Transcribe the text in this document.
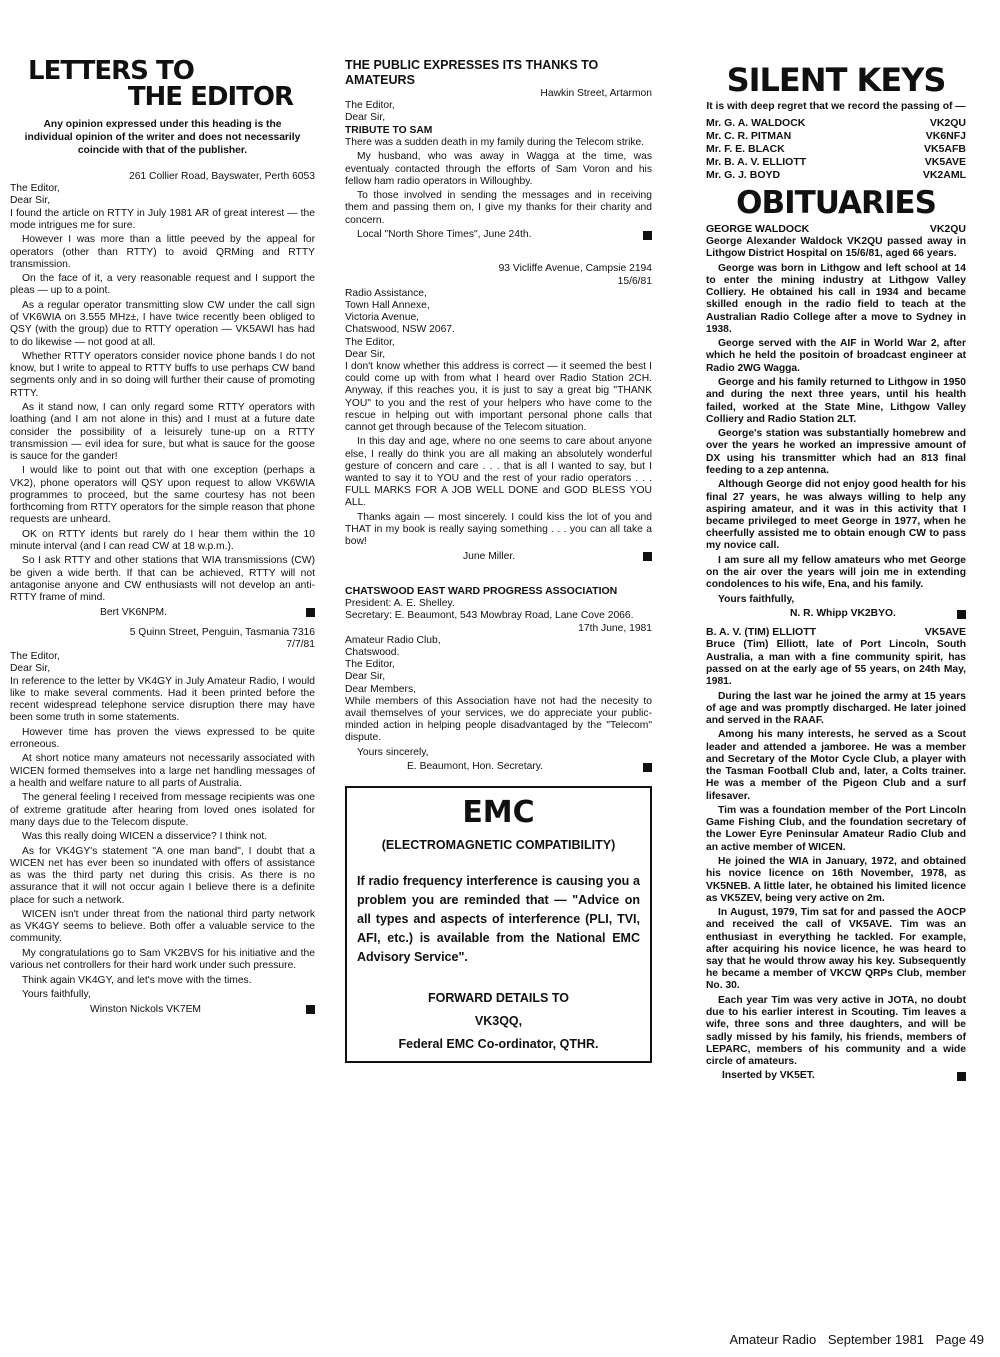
LETTERS TO
THE EDITOR

Any opinion expressed under this heading is the individual opinion of the writer and does not necessarily coincide with that of the publisher.

261 Collier Road, Bayswater, Perth 6053

The Editor,

Dear Sir,

I found the article on RTTY in July 1981 AR of great interest — the mode intrigues me for sure.

However I was more than a little peeved by the appeal for operators (other than RTTY) to avoid QRMing and RTTY transmission.

On the face of it, a very reasonable request and I support the pleas — up to a point.

As a regular operator transmitting slow CW under the call sign of VK6WIA on 3.555 MHz±, I have twice recently been obliged to QSY (with the group) due to RTTY operation — VK5AWI has had to do likewise — not good at all.

Whether RTTY operators consider novice phone bands I do not know, but I write to appeal to RTTY buffs to use perhaps CW band segments only and in so doing will further their cause of promoting RTTY.

As it stand now, I can only regard some RTTY operators with loathing (and I am not alone in this) and I must at a future date consider the possibility of a leisurely tune-up on a RTTY transmission — evil idea for sure, but what is sauce for the goose is sauce for the gander!

I would like to point out that with one exception (perhaps a VK2), phone operators will QSY upon request to allow VK6WIA programmes to proceed, but the same courtesy has not been forthcoming from RTTY operators for the simple reason that phone requests are unheard.

OK on RTTY idents but rarely do I hear them within the 10 minute interval (and I can read CW at 18 w.p.m.).

So I ask RTTY and other stations that WIA transmissions (CW) be given a wide berth. If that can be achieved, RTTY will not antagonise anyone and CW enthusiasts will not develop an anti-RTTY frame of mind.

Bert VK6NPM.

5 Quinn Street, Penguin, Tasmania 7316

7/7/81

The Editor,

Dear Sir,

In reference to the letter by VK4GY in July Amateur Radio, I would like to make several comments. Had it been printed before the recent widespread telephone service disruption there may have been some truth in some statements.

However time has proven the views expressed to be quite erroneous.

At short notice many amateurs not necessarily associated with WICEN formed themselves into a large net handling messages of a health and welfare nature to all parts of Australia.

The general feeling I received from message recipients was one of extreme gratitude after hearing from loved ones isolated for many days due to the Telecom dispute.

Was this really doing WICEN a disservice? I think not.

As for VK4GY's statement "A one man band", I doubt that a WICEN net has ever been so inundated with offers of assistance as was the third party net during this crisis. As there is no assurance that it will not occur again I believe there is a definite place for such a network.

WICEN isn't under threat from the national third party network as VK4GY seems to believe. Both offer a valuable service to the community.

My congratulations go to Sam VK2BVS for his initiative and the various net controllers for their hard work under such pressure.

Think again VK4GY, and let's move with the times.

Yours faithfully,

Winston Nickols VK7EM
THE PUBLIC EXPRESSES ITS THANKS TO AMATEURS

Hawkin Street, Artarmon

The Editor,

Dear Sir,

TRIBUTE TO SAM

There was a sudden death in my family during the Telecom strike.

My husband, who was away in Wagga at the time, was eventualy contacted through the efforts of Sam Voron and his fellow ham radio operators in Willoughby.

To those involved in sending the messages and in receiving them and passing them on, I give my thanks for their charity and concern.

Local "North Shore Times", June 24th.

93 Vicliffe Avenue, Campsie 2194

15/6/81

Radio Assistance,

Town Hall Annexe,

Victoria Avenue,

Chatswood, NSW 2067.

The Editor,

Dear Sir,

I don't know whether this address is correct — it seemed the best I could come up with from what I heard over Radio Station 2CH. Anyway, if this reaches you, it is just to say a great big "THANK YOU" to you and the rest of your helpers who have come to the rescue in helping out with important personal phone calls that cannot get through because of the Telecom situation.

In this day and age, where no one seems to care about anyone else, I really do think you are all making an absolutely wonderful gesture of concern and care . . . that is all I wanted to say, but I wanted to say it to YOU and the rest of your radio operators . . . FULL MARKS FOR A JOB WELL DONE and GOD BLESS YOU ALL.

Thanks again — most sincerely. I could kiss the lot of you and THAT in my book is really saying something . . . you can all take a bow!

June Miller.
CHATSWOOD EAST WARD PROGRESS ASSOCIATION

President: A. E. Shelley.

Secretary: E. Beaumont, 543 Mowbray Road, Lane Cove 2066.

17th June, 1981

Amateur Radio Club,

Chatswood.

The Editor,

Dear Sir,

Dear Members,

While members of this Association have not had the necesity to avail themselves of your services, we do appreciate your public-minded action in helping people disadvantaged by the "Telecom" dispute.

Yours sincerely,

E. Beaumont, Hon. Secretary.
EMC
(ELECTROMAGNETIC COMPATIBILITY)
If radio frequency interference is causing you a problem you are reminded that — "Advice on all types and aspects of interference (PLI, TVI, AFI, etc.) is available from the National EMC Advisory Service".
FORWARD DETAILS TO
VK3QQ,
Federal EMC Co-ordinator, QTHR.
SILENT KEYS
It is with deep regret that we record the passing of —
Mr. G. A. WALDOCK	VK2QU
Mr. C. R. PITMAN	VK6NFJ
Mr. F. E. BLACK	VK5AFB
Mr. B. A. V. ELLIOTT	VK5AVE
Mr. G. J. BOYD	VK2AML
OBITUARIES
GEORGE WALDOCK	VK2QU

George Alexander Waldock VK2QU passed away in Lithgow District Hospital on 15/6/81, aged 66 years.

George was born in Lithgow and left school at 14 to enter the mining industry at Lithgow Valley Colliery. He obtained his call in 1934 and became skilled enough in the radio field to teach at the Australian Radio College after a move to Sydney in 1938.

George served with the AIF in World War 2, after which he held the positoin of broadcast engineer at Radio 2WG Wagga.

George and his family returned to Lithgow in 1950 and during the next three years, until his health failed, worked at the State Mine, Lithgow Valley Colliery and Radio Station 2LT.

George's station was substantially homebrew and over the years he worked an impressive amount of DX using his transmitter which had an 813 final feeding to a zep antenna.

Although George did not enjoy good health for his final 27 years, he was always willing to help any aspiring amateur, and it was in this activity that I became privileged to meet George in 1977, when he cheerfully assisted me to obtain enough CW to pass my novice call.

I am sure all my fellow amateurs who met George on the air over the years will join me in extending condolences to his wife, Ena, and his family.

Yours faithfully,

N. R. Whipp VK2BYO.
B. A. V. (TIM) ELLIOTT	VK5AVE

Bruce (Tim) Elliott, late of Port Lincoln, South Australia, a man with a fine community spirit, has passed on at the early age of 55 years, on 24th May, 1981.

During the last war he joined the army at 15 years of age and was promptly discharged. He later joined and served in the RAAF.

Among his many interests, he served as a Scout leader and attended a jamboree. He was a member and Secretary of the Motor Cycle Club, a player with the Tasman Football Club and, later, a Colts trainer. He was a member of the Pigeon Club and a surf lifesaver.

Tim was a foundation member of the Port Lincoln Game Fishing Club, and the foundation secretary of the Lower Eyre Peninsular Amateur Radio Club and an active member of WICEN.

He joined the WIA in January, 1972, and obtained his novice licence on 16th November, 1978, as VK5NEB. A little later, he obtained his limited licence as VK5ZEV, being very active on 2m.

In August, 1979, Tim sat for and passed the AOCP and received the call of VK5AVE. Tim was an enthusiast in everything he tackled. For example, after acquiring his novice licence, he was heard to say that he would throw away his key. Subsequently he became a member of VKCW QRPs Club, member No. 30.

Each year Tim was very active in JOTA, no doubt due to his earlier interest in Scouting. Tim leaves a wife, three sons and three daughters, and will be sadly missed by his family, his friends, members of LEPARC, members of his community and a wide circle of amateurs.

Inserted by VK5ET.
Amateur Radio September 1981 Page 49
